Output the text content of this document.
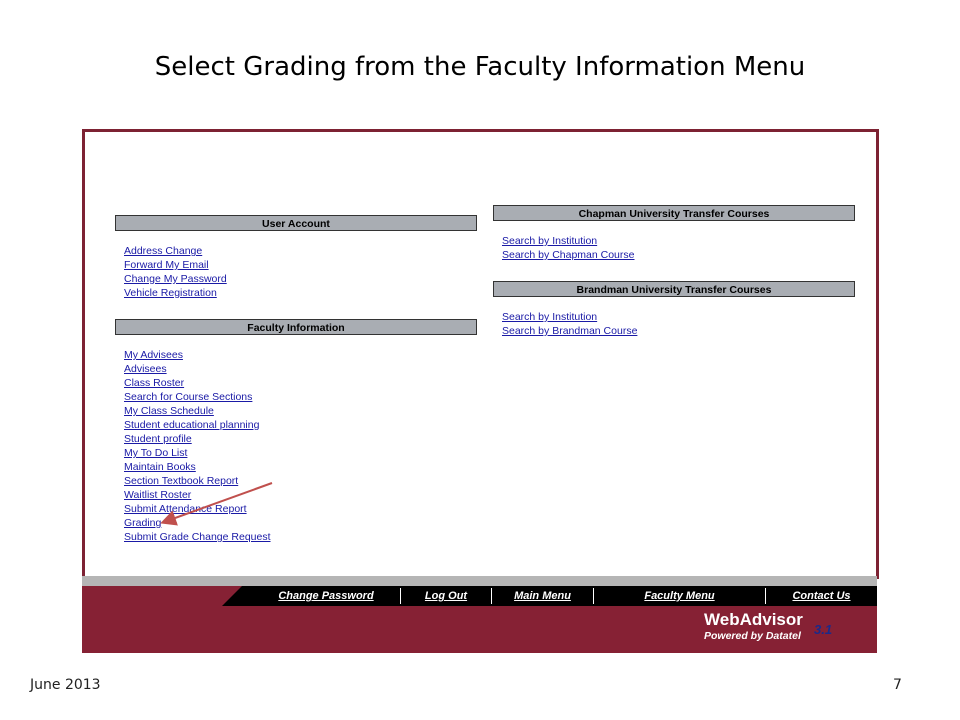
Select Grading from the Faculty Information Menu
User Account
Address Change
Forward My Email
Change My Password
Vehicle Registration
Faculty Information
My Advisees
Advisees
Class Roster
Search for Course Sections
My Class Schedule
Student educational planning
Student profile
My To Do List
Maintain Books
Section Textbook Report
Waitlist Roster
Submit Attendance Report
Grading
Submit Grade Change Request
Chapman University Transfer Courses
Search by Institution
Search by Chapman Course
Brandman University Transfer Courses
Search by Institution
Search by Brandman Course
Change Password	Log Out	Main Menu	Faculty Menu	Contact Us
WebAdvisor
Powered by Datatel 3.1
June 2013	7
